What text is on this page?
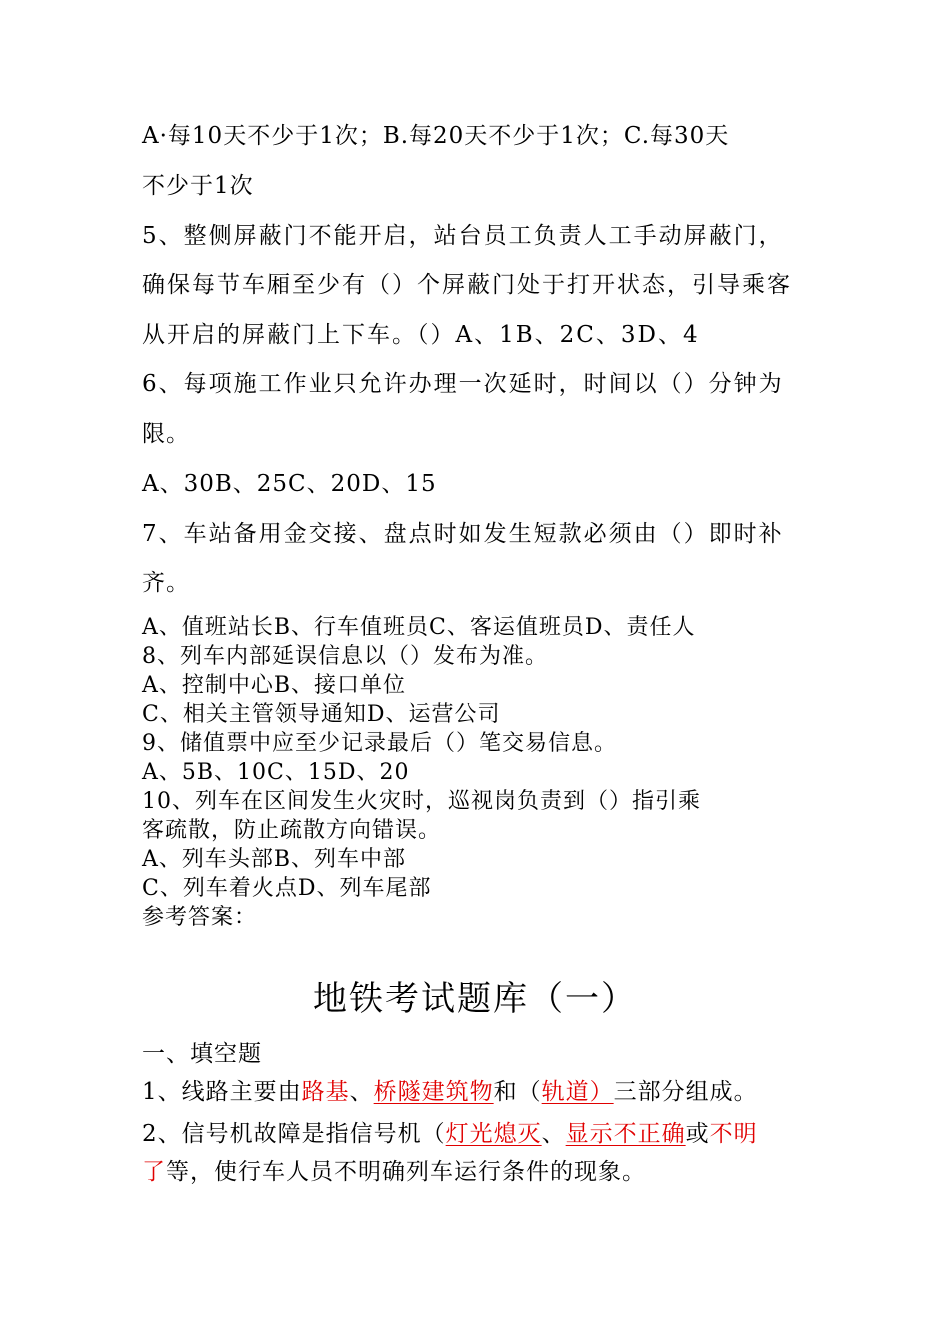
A·每10天不少于1次；B.每20天不少于1次；C.每30天
不少于1次
5、整侧屏蔽门不能开启，站台员工负责人工手动屏蔽门，
确保每节车厢至少有（）个屏蔽门处于打开状态，引导乘客
从开启的屏蔽门上下车。（）A、1B、2C、3D、4
6、每项施工作业只允许办理一次延时，时间以（）分钟为
限。
A、30B、25C、20D、15
7、车站备用金交接、盘点时如发生短款必须由（）即时补
齐。
A、值班站长B、行车值班员C、客运值班员D、责任人
8、列车内部延误信息以（）发布为准。
A、控制中心B、接口单位
C、相关主管领导通知D、运营公司
9、储值票中应至少记录最后（）笔交易信息。
A、5B、10C、15D、20
10、列车在区间发生火灾时，巡视岗负责到（）指引乘
客疏散，防止疏散方向错误。
A、列车头部B、列车中部
C、列车着火点D、列车尾部
参考答案：
地铁考试题库（一）
一、填空题
1、线路主要由路基、桥隧建筑物和（轨道）三部分组成。
2、信号机故障是指信号机（灯光熄灭、显示不正确或不明
了等，使行车人员不明确列车运行条件的现象。
